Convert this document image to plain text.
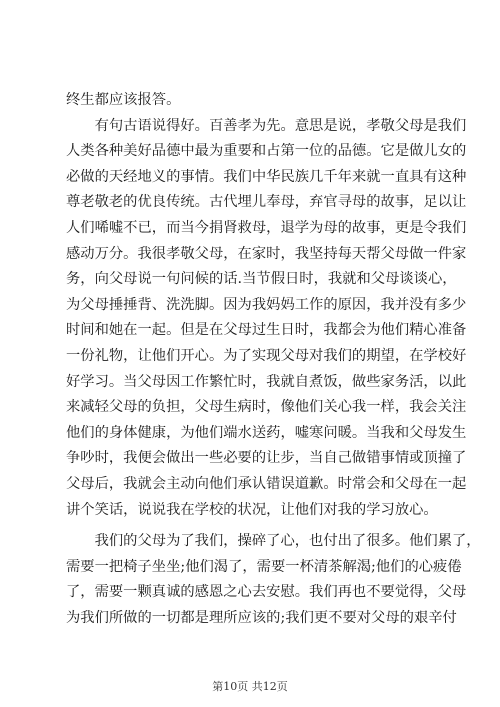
终生都应该报答。
　　有句古语说得好。百善孝为先。意思是说，孝敬父母是我们
人类各种美好品德中最为重要和占第一位的品德。它是做儿女的
必做的天经地义的事情。我们中华民族几千年来就一直具有这种
尊老敬老的优良传统。古代埋儿奉母，弃官寻母的故事，足以让
人们唏嘘不已，而当今捐肾救母，退学为母的故事，更是令我们
感动万分。我很孝敬父母，在家时，我坚持每天帮父母做一件家
务，向父母说一句问候的话.当节假日时，我就和父母谈谈心，
为父母捶捶背、洗洗脚。因为我妈妈工作的原因，我并没有多少
时间和她在一起。但是在父母过生日时，我都会为他们精心准备
一份礼物，让他们开心。为了实现父母对我们的期望，在学校好
好学习。当父母因工作繁忙时，我就自煮饭，做些家务活，以此
来减轻父母的负担，父母生病时，像他们关心我一样，我会关注
他们的身体健康，为他们端水送药，嘘寒问暖。当我和父母发生
争吵时，我便会做出一些必要的让步，当自己做错事情或顶撞了
父母后，我就会主动向他们承认错误道歉。时常会和父母在一起
讲个笑话，说说我在学校的状况，让他们对我的学习放心。
　　我们的父母为了我们，操碎了心，也付出了很多。他们累了，
需要一把椅子坐坐;他们渴了，需要一杯清茶解渴;他们的心疲倦
了，需要一颗真诚的感恩之心去安慰。我们再也不要觉得，父母
为我们所做的一切都是理所应该的;我们更不要对父母的艰辛付
第10页 共12页
